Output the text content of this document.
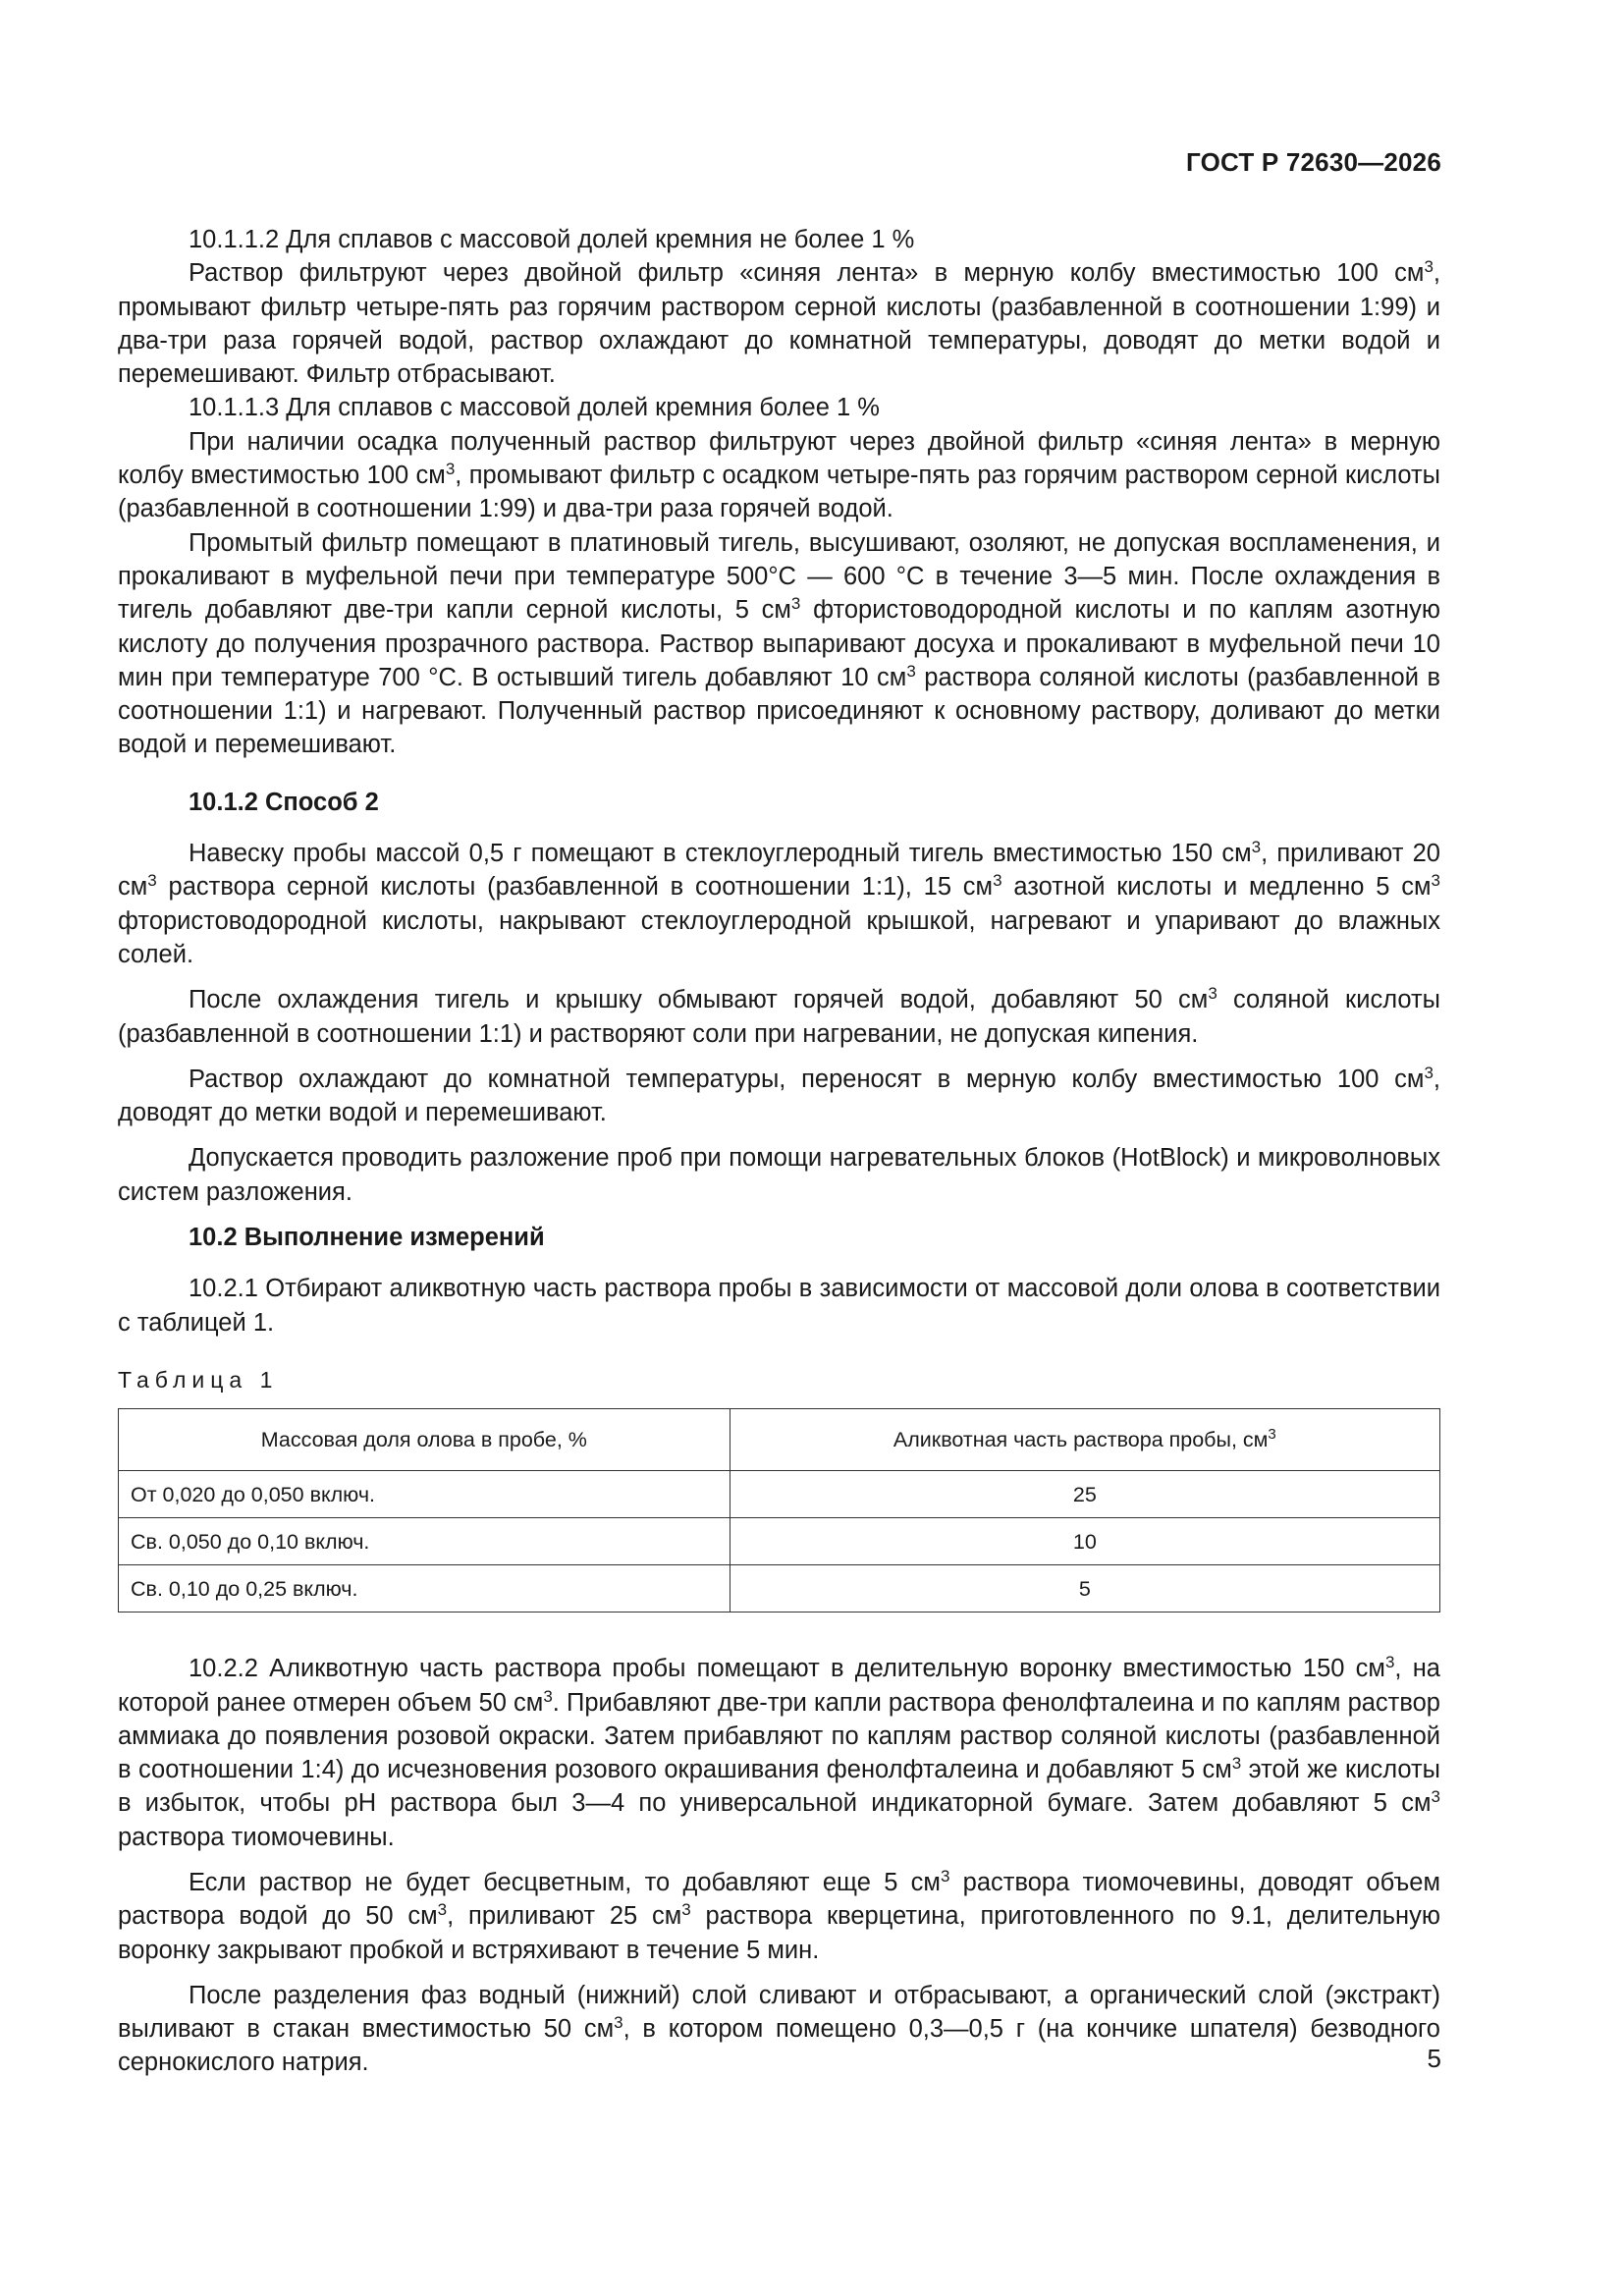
ГОСТ Р 72630—2026

10.1.1.2 Для сплавов с массовой долей кремния не более 1 %

Раствор фильтруют через двойной фильтр «синяя лента» в мерную колбу вместимостью 100 $см^3$, промывают фильтр четыре-пять раз горячим раствором серной кислоты (разбавленной в соотношении 1:99) и два-три раза горячей водой, раствор охлаждают до комнатной температуры, доводят до метки водой и перемешивают. Фильтр отбрасывают.

10.1.1.3 Для сплавов с массовой долей кремния более 1 %

При наличии осадка полученный раствор фильтруют через двойной фильтр «синяя лента» в мерную колбу вместимостью 100 $см^3$, промывают фильтр с осадком четыре-пять раз горячим раствором серной кислоты (разбавленной в соотношении 1:99) и два-три раза горячей водой.

Промытый фильтр помещают в платиновый тигель, высушивают, озоляют, не допуская воспламенения, и прокаливают в муфельной печи при температуре 500°С — 600 °С в течение 3—5 мин. После охлаждения в тигель добавляют две-три капли серной кислоты, 5 $см^3$ фтористоводородной кислоты и по каплям азотную кислоту до получения прозрачного раствора. Раствор выпаривают досуха и прокаливают в муфельной печи 10 мин при температуре 700 °С. В остывший тигель добавляют 10 $см^3$ раствора соляной кислоты (разбавленной в соотношении 1:1) и нагревают. Полученный раствор присоединяют к основному раствору, доливают до метки водой и перемешивают.

10.1.2 Способ 2

Навеску пробы массой 0,5 г помещают в стеклоуглеродный тигель вместимостью 150 $см^3$, приливают 20 $см^3$ раствора серной кислоты (разбавленной в соотношении 1:1), 15 $см^3$ азотной кислоты и медленно 5 $см^3$ фтористоводородной кислоты, накрывают стеклоуглеродной крышкой, нагревают и упаривают до влажных солей.

После охлаждения тигель и крышку обмывают горячей водой, добавляют 50 $см^3$ соляной кислоты (разбавленной в соотношении 1:1) и растворяют соли при нагревании, не допуская кипения.

Раствор охлаждают до комнатной температуры, переносят в мерную колбу вместимостью 100 $см^3$, доводят до метки водой и перемешивают.

Допускается проводить разложение проб при помощи нагревательных блоков (HotBlock) и микроволновых систем разложения.

10.2 Выполнение измерений

10.2.1 Отбирают аликвотную часть раствора пробы в зависимости от массовой доли олова в соответствии с таблицей 1.

Таблица 1

Массовая доля олова в пробе, %	Аликвотная часть раствора пробы, $см^3$
От 0,020 до 0,050 включ.	25
Св. 0,050 до 0,10 включ.	10
Св. 0,10 до 0,25 включ.	5

10.2.2 Аликвотную часть раствора пробы помещают в делительную воронку вместимостью 150 $см^3$, на которой ранее отмерен объем 50 $см^3$. Прибавляют две-три капли раствора фенолфталеина и по каплям раствор аммиака до появления розовой окраски. Затем прибавляют по каплям раствор соляной кислоты (разбавленной в соотношении 1:4) до исчезновения розового окрашивания фенолфталеина и добавляют 5 $см^3$ этой же кислоты в избыток, чтобы рН раствора был 3—4 по универсальной индикаторной бумаге. Затем добавляют 5 $см^3$ раствора тиомочевины.

Если раствор не будет бесцветным, то добавляют еще 5 $см^3$ раствора тиомочевины, доводят объем раствора водой до 50 $см^3$, приливают 25 $см^3$ раствора кверцетина, приготовленного по 9.1, делительную воронку закрывают пробкой и встряхивают в течение 5 мин.

После разделения фаз водный (нижний) слой сливают и отбрасывают, а органический слой (экстракт) выливают в стакан вместимостью 50 $см^3$, в котором помещено 0,3—0,5 г (на кончике шпателя) безводного сернокислого натрия.	5
